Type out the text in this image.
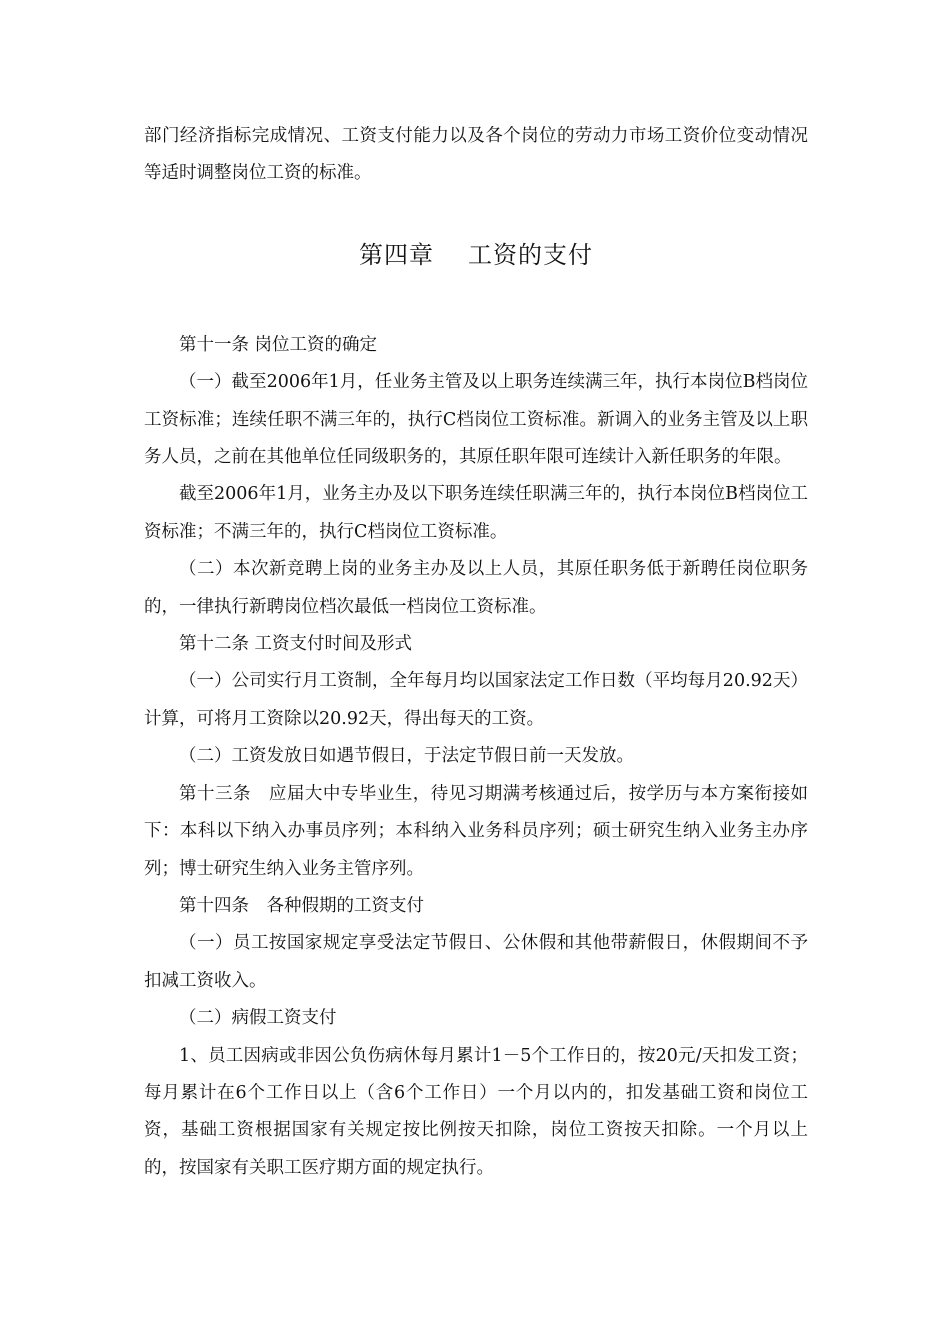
部门经济指标完成情况、工资支付能力以及各个岗位的劳动力市场工资价位变动情况等适时调整岗位工资的标准。

第四章 工资的支付

第十一条 岗位工资的确定

（一）截至2006年1月，任业务主管及以上职务连续满三年，执行本岗位B档岗位工资标准；连续任职不满三年的，执行C档岗位工资标准。新调入的业务主管及以上职务人员，之前在其他单位任同级职务的，其原任职年限可连续计入新任职务的年限。

截至2006年1月，业务主办及以下职务连续任职满三年的，执行本岗位B档岗位工资标准；不满三年的，执行C档岗位工资标准。

（二）本次新竞聘上岗的业务主办及以上人员，其原任职务低于新聘任岗位职务的，一律执行新聘岗位档次最低一档岗位工资标准。

第十二条 工资支付时间及形式

（一）公司实行月工资制，全年每月均以国家法定工作日数（平均每月20.92天）计算，可将月工资除以20.92天，得出每天的工资。

（二）工资发放日如遇节假日，于法定节假日前一天发放。

第十三条　应届大中专毕业生，待见习期满考核通过后，按学历与本方案衔接如下：本科以下纳入办事员序列；本科纳入业务科员序列；硕士研究生纳入业务主办序列；博士研究生纳入业务主管序列。

第十四条　各种假期的工资支付

（一）员工按国家规定享受法定节假日、公休假和其他带薪假日，休假期间不予扣减工资收入。

（二）病假工资支付

1、员工因病或非因公负伤病休每月累计1－5个工作日的，按20元/天扣发工资；每月累计在6个工作日以上（含6个工作日）一个月以内的，扣发基础工资和岗位工资，基础工资根据国家有关规定按比例按天扣除，岗位工资按天扣除。一个月以上的，按国家有关职工医疗期方面的规定执行。
